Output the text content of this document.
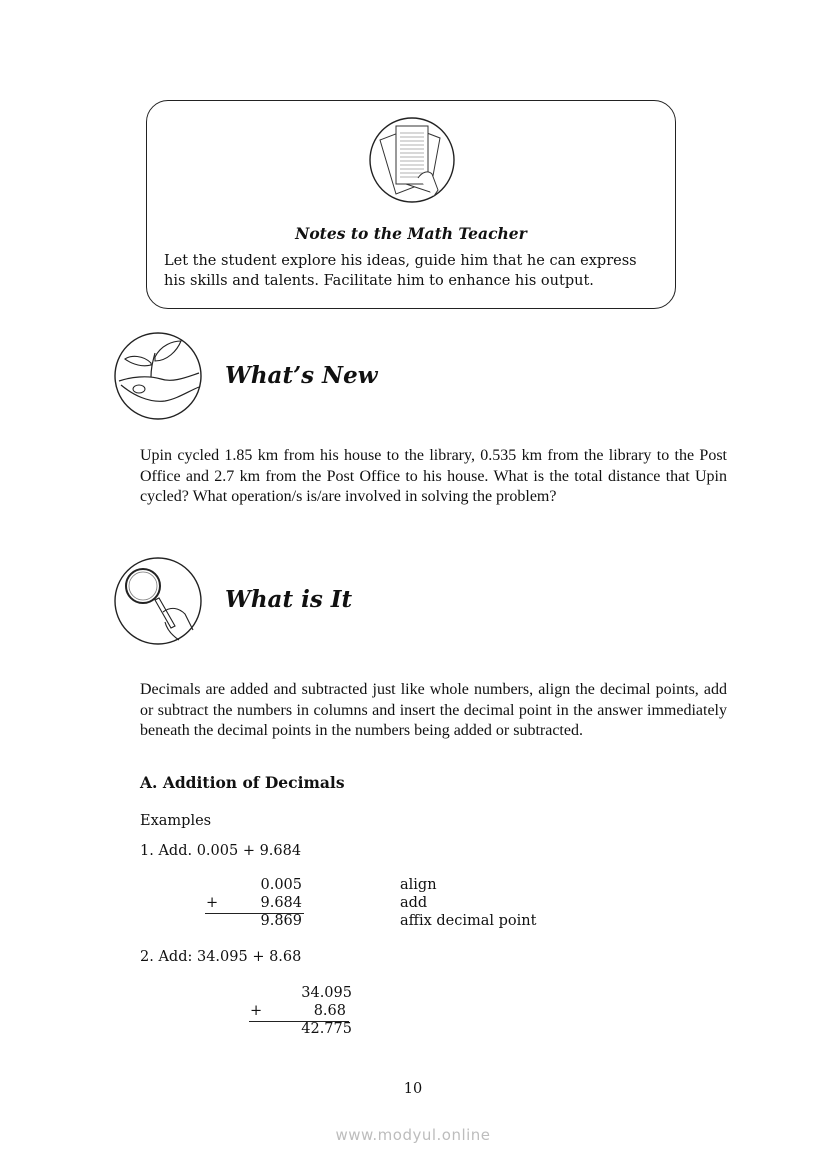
Notes to the Math Teacher
Let the student explore his ideas, guide him that he can express
his skills and talents. Facilitate him to enhance his output.
What’s New
Upin cycled 1.85 km from his house to the library, 0.535 km from the library to the Post Office and 2.7 km from the Post Office to his house. What is the total distance that Upin cycled? What operation/s is/are involved in solving the problem?
What is It
Decimals are added and subtracted just like whole numbers, align the decimal points, add or subtract the numbers in columns and insert the decimal point in the answer immediately beneath the decimal points in the numbers being added or subtracted.
A. Addition of Decimals
Examples
1. Add. 0.005 + 9.684
0.005
+	9.684
9.869
align
add
affix decimal point
2. Add: 34.095 + 8.68
34.095
+	8.68
42.775
10
www.modyul.online
